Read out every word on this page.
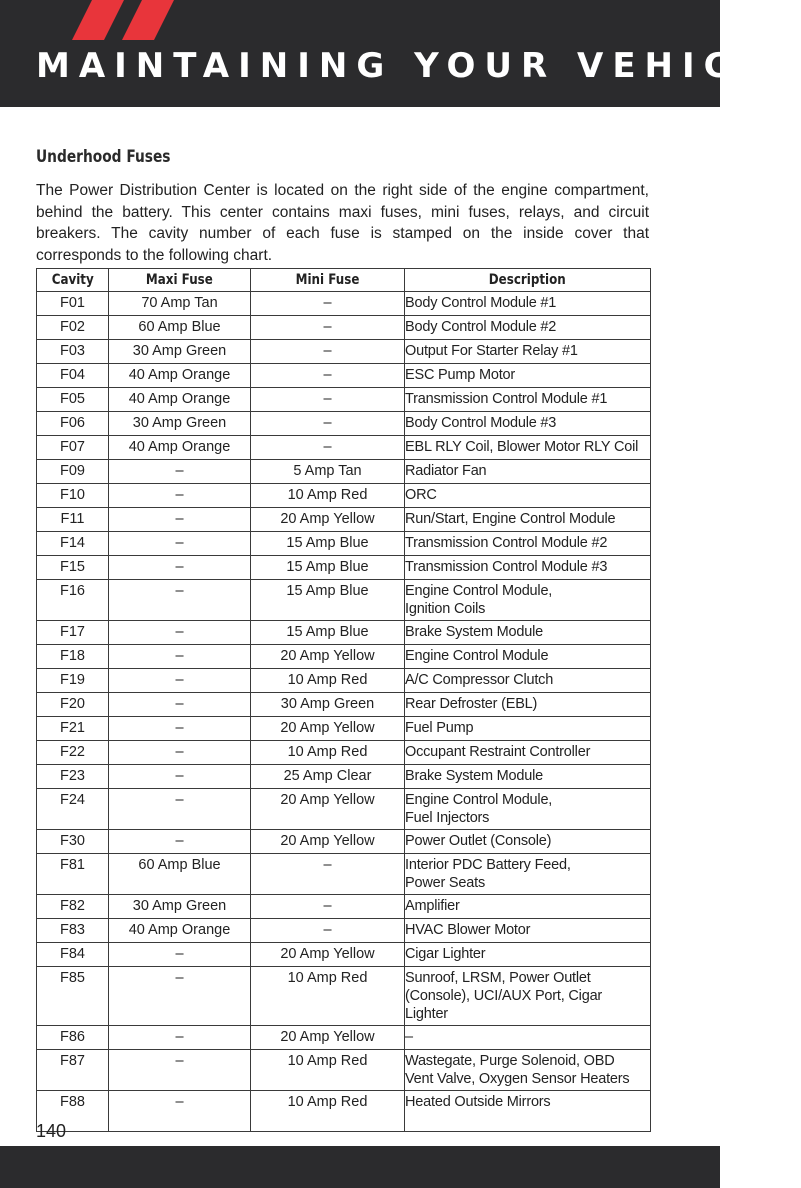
MAINTAINING YOUR VEHICLE
Underhood Fuses

The Power Distribution Center is located on the right side of the engine compartment, behind the battery. This center contains maxi fuses, mini fuses, relays, and circuit breakers. The cavity number of each fuse is stamped on the inside cover that corresponds to the following chart.

Cavity	Maxi Fuse	Mini Fuse	Description
F01	70 Amp Tan	–	Body Control Module #1

F02	60 Amp Blue	–	Body Control Module #2

F03	30 Amp Green	–	Output For Starter Relay #1

F04	40 Amp Orange	–	ESC Pump Motor

F05	40 Amp Orange	–	Transmission Control Module #1

F06	30 Amp Green	–	Body Control Module #3

F07	40 Amp Orange	–	EBL RLY Coil, Blower Motor RLY Coil

F09	–	5 Amp Tan	Radiator Fan

F10	–	10 Amp Red	ORC

F11	–	20 Amp Yellow	Run/Start, Engine Control Module

F14	–	15 Amp Blue	Transmission Control Module #2

F15	–	15 Amp Blue	Transmission Control Module #3

F16	–	15 Amp Blue	Engine Control Module,
Ignition Coils

F17	–	15 Amp Blue	Brake System Module

F18	–	20 Amp Yellow	Engine Control Module

F19	–	10 Amp Red	A/C Compressor Clutch

F20	–	30 Amp Green	Rear Defroster (EBL)

F21	–	20 Amp Yellow	Fuel Pump

F22	–	10 Amp Red	Occupant Restraint Controller

F23	–	25 Amp Clear	Brake System Module

F24	–	20 Amp Yellow	Engine Control Module,
Fuel Injectors

F30	–	20 Amp Yellow	Power Outlet (Console)

F81	60 Amp Blue	–	Interior PDC Battery Feed,
Power Seats

F82	30 Amp Green	–	Amplifier

F83	40 Amp Orange	–	HVAC Blower Motor

F84	–	20 Amp Yellow	Cigar Lighter

F85	–	10 Amp Red	Sunroof, LRSM, Power Outlet
(Console), UCI/AUX Port, Cigar
Lighter

F86	–	20 Amp Yellow	–

F87	–	10 Amp Red	Wastegate, Purge Solenoid, OBD
Vent Valve, Oxygen Sensor Heaters

F88	–	10 Amp Red	Heated Outside Mirrors

140
